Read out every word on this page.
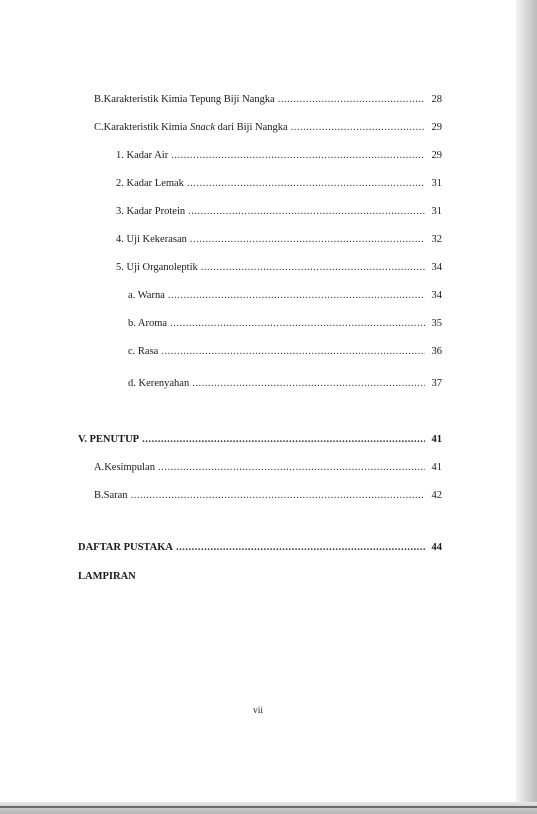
B. Karakteristik Kimia Tepung Biji Nangka .....	28
C. Karakteristik Kimia Snack dari Biji Nangka .....	29
1. Kadar Air .....	29
2. Kadar Lemak .....	31
3. Kadar Protein .....	31
4. Uji Kekerasan .....	32
5. Uji Organoleptik .....	34
a. Warna .....	34
b. Aroma .....	35
c. Rasa .....	36
d. Kerenyahan .....	37
V. PENUTUP .....	41
A. Kesimpulan .....	41
B. Saran .....	42
DAFTAR PUSTAKA .....	44
LAMPIRAN
vii
